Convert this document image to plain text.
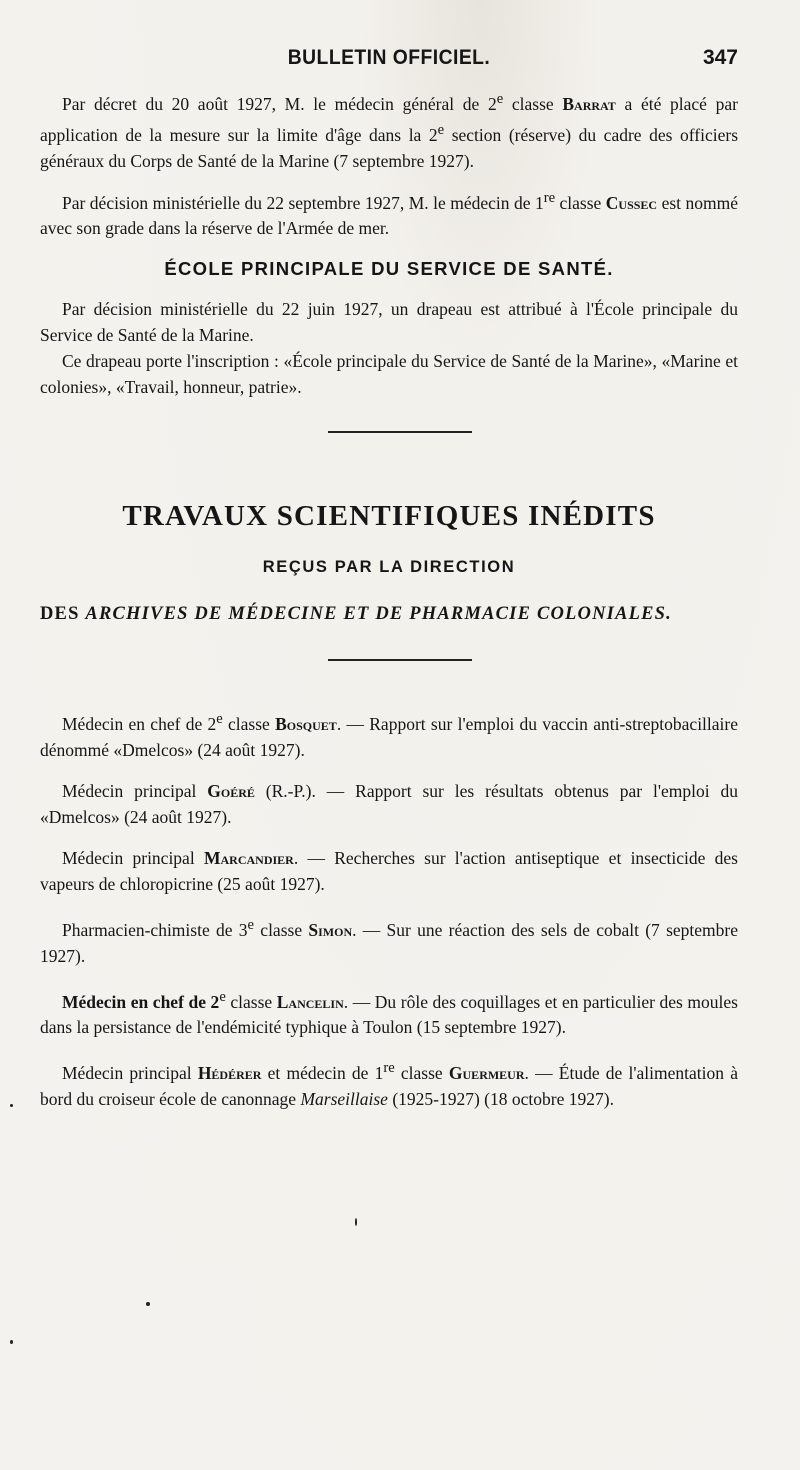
BULLETIN OFFICIEL.	347

Par décret du 20 août 1927, M. le médecin général de 2e classe Barrat a été placé par application de la mesure sur la limite d'âge dans la 2e section (réserve) du cadre des officiers généraux du Corps de Santé de la Marine (7 septembre 1927).

Par décision ministérielle du 22 septembre 1927, M. le médecin de 1re classe Cussec est nommé avec son grade dans la réserve de l'Armée de mer.

ÉCOLE PRINCIPALE DU SERVICE DE SANTÉ.

Par décision ministérielle du 22 juin 1927, un drapeau est attribué à l'École principale du Service de Santé de la Marine.

Ce drapeau porte l'inscription : «École principale du Service de Santé de la Marine», «Marine et colonies», «Travail, honneur, patrie».

TRAVAUX SCIENTIFIQUES INÉDITS
REÇUS PAR LA DIRECTION
DES ARCHIVES DE MÉDECINE ET DE PHARMACIE COLONIALES.

Médecin en chef de 2e classe Bosquet. — Rapport sur l'emploi du vaccin anti-streptobacillaire dénommé «Dmelcos» (24 août 1927).

Médecin principal Goéré (R.-P.). — Rapport sur les résultats obtenus par l'emploi du «Dmelcos» (24 août 1927).

Médecin principal Marcandier. — Recherches sur l'action antiseptique et insecticide des vapeurs de chloropicrine (25 août 1927).

Pharmacien-chimiste de 3e classe Simon. — Sur une réaction des sels de cobalt (7 septembre 1927).

Médecin en chef de 2e classe Lancelin. — Du rôle des coquillages et en particulier des moules dans la persistance de l'endémicité typhique à Toulon (15 septembre 1927).

Médecin principal Hédérer et médecin de 1re classe Guermeur. — Étude de l'alimentation à bord du croiseur école de canonnage Marseillaise (1925-1927) (18 octobre 1927).
